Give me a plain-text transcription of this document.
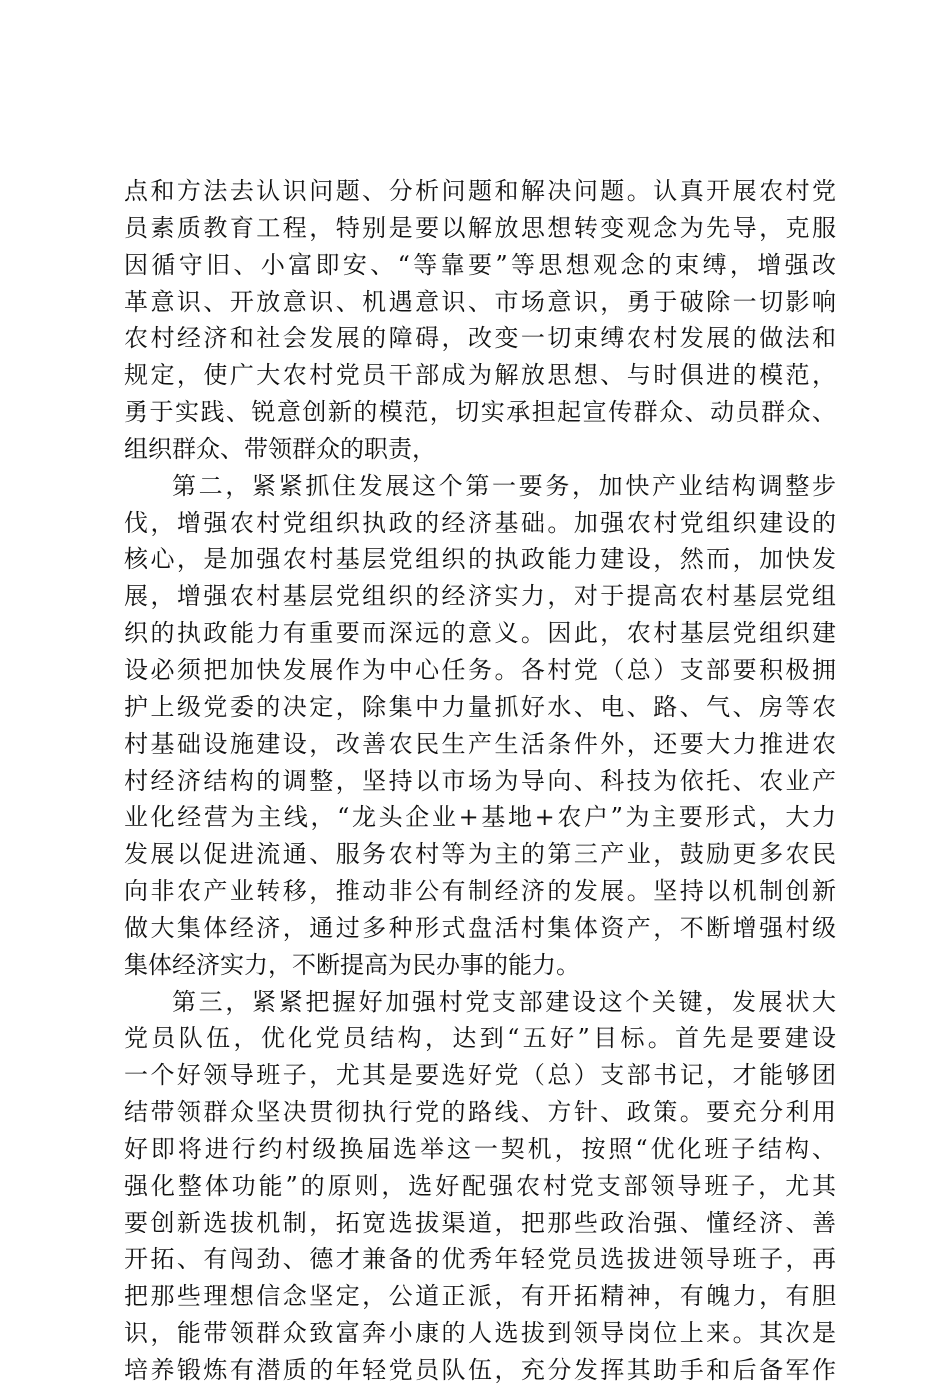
点和方法去认识问题、分析问题和解决问题。认真开展农村党
员素质教育工程，特别是要以解放思想转变观念为先导，克服
因循守旧、小富即安、“等靠要”等思想观念的束缚，增强改
革意识、开放意识、机遇意识、市场意识，勇于破除一切影响
农村经济和社会发展的障碍，改变一切束缚农村发展的做法和
规定，使广大农村党员干部成为解放思想、与时俱进的模范，
勇于实践、锐意创新的模范，切实承担起宣传群众、动员群众、
组织群众、带领群众的职责，
第二，紧紧抓住发展这个第一要务，加快产业结构调整步
伐，增强农村党组织执政的经济基础。加强农村党组织建设的
核心，是加强农村基层党组织的执政能力建设，然而，加快发
展，增强农村基层党组织的经济实力，对于提高农村基层党组
织的执政能力有重要而深远的意义。因此，农村基层党组织建
设必须把加快发展作为中心任务。各村党（总）支部要积极拥
护上级党委的决定，除集中力量抓好水、电、路、气、房等农
村基础设施建设，改善农民生产生活条件外，还要大力推进农
村经济结构的调整，坚持以市场为导向、科技为依托、农业产
业化经营为主线，“龙头企业+基地+农户”为主要形式，大力
发展以促进流通、服务农村等为主的第三产业，鼓励更多农民
向非农产业转移，推动非公有制经济的发展。坚持以机制创新
做大集体经济，通过多种形式盘活村集体资产，不断增强村级
集体经济实力，不断提高为民办事的能力。
第三，紧紧把握好加强村党支部建设这个关键，发展状大
党员队伍，优化党员结构，达到“五好”目标。首先是要建设
一个好领导班子，尤其是要选好党（总）支部书记，才能够团
结带领群众坚决贯彻执行党的路线、方针、政策。要充分利用
好即将进行约村级换届选举这一契机，按照“优化班子结构、
强化整体功能”的原则，选好配强农村党支部领导班子，尤其
要创新选拔机制，拓宽选拔渠道，把那些政治强、懂经济、善
开拓、有闯劲、德才兼备的优秀年轻党员选拔进领导班子，再
把那些理想信念坚定，公道正派，有开拓精神，有魄力，有胆
识，能带领群众致富奔小康的人选拔到领导岗位上来。其次是
培养锻炼有潜质的年轻党员队伍，充分发挥其助手和后备军作
